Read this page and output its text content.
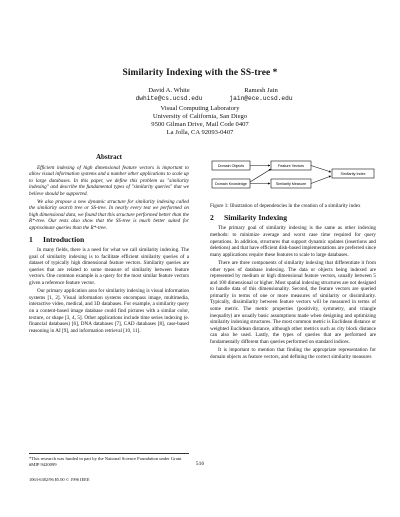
Similarity Indexing with the SS-tree *
David A. White
dwhite@cs.ucsd.edu
Ramesh Jain
jain@ece.ucsd.edu
Visual Computing Laboratory
University of California, San Diego
9500 Gilman Drive, Mail Code 0407
La Jolla, CA 92093-0407
Abstract

Efficient indexing of high dimensional feature vectors is important to allow visual information systems and a number other applications to scale up to large databases. In this paper, we define this problem as "similarity indexing" and describe the fundamental types of "similarity queries" that we believe should be supported.

We also propose a new dynamic structure for similarity indexing called the similarity search tree or SS-tree. In nearly every test we performed on high dimensional data, we found that this structure performed better than the R*-tree. Our tests also show that the SS-tree is much better suited for approximate queries than the R*-tree.

1 Introduction

In many fields, there is a need for what we call similarity indexing. The goal of similarity indexing is to facilitate efficient similarity queries of a dataset of typically high dimensional feature vectors. Similarity queries are queries that are related to some measure of similarity between feature vectors. One common example is a query for the most similar feature vectors given a reference feature vector.

Our primary application area for similarity indexing is visual information systems [1, 2]. Visual information systems encompass image, multimedia, interactive video, medical, and 3D databases. For example, a similarity query on a content-based image database could find pictures with a similar color, texture, or shape [3, 4, 5]. Other applications include time series indexing (e. financial databases) [6], DNA databases [7], CAD databases [8], case-based reasoning in AI [9], and information retrieval [10, 11].

*This research was funded in part by the National Science Foundation under Grant #MIP 9420099	516
1063-6382/96 $5.00 © 1996 IEEE
Domain Objects	Feature Vectors
Similarity Index
Domain Knowledge	Similarity Measure
Figure 1: Illustration of dependencies in the creation of a similarity index
2 Similarity Indexing

The primary goal of similarity indexing is the same as other indexing methods: to minimize average and worst case time required for query operations. In addition, structures that support dynamic updates (insertions and deletions) and that have efficient disk-based implementations are preferred since many applications require these features to scale to large databases.

There are three components of similarity indexing that differentiate it from other types of database indexing. The data or objects being indexed are represented by medium or high dimensional feature vectors, usually between 5 and 100 dimensional or higher. Most spatial indexing structures are not designed to handle data of this dimensionality. Second, the feature vectors are queried primarily in terms of one or more measures of similarity or dissimilarity. Typically, dissimilarity between feature vectors will be measured in terms of some metric. The metric properties (positivity, symmetry, and triangle inequality) are usually basic assumptions made when designing and optimizing similarity indexing structures. The most common metric is Euclidean distance or weighted Euclidean distance, although other metrics such as city block distance can also be used. Lastly, the types of queries that are performed are fundamentally different than queries performed on standard indices.

It is important to mention that finding the appropriate representation for domain objects as feature vectors, and defining the correct similarity measures
